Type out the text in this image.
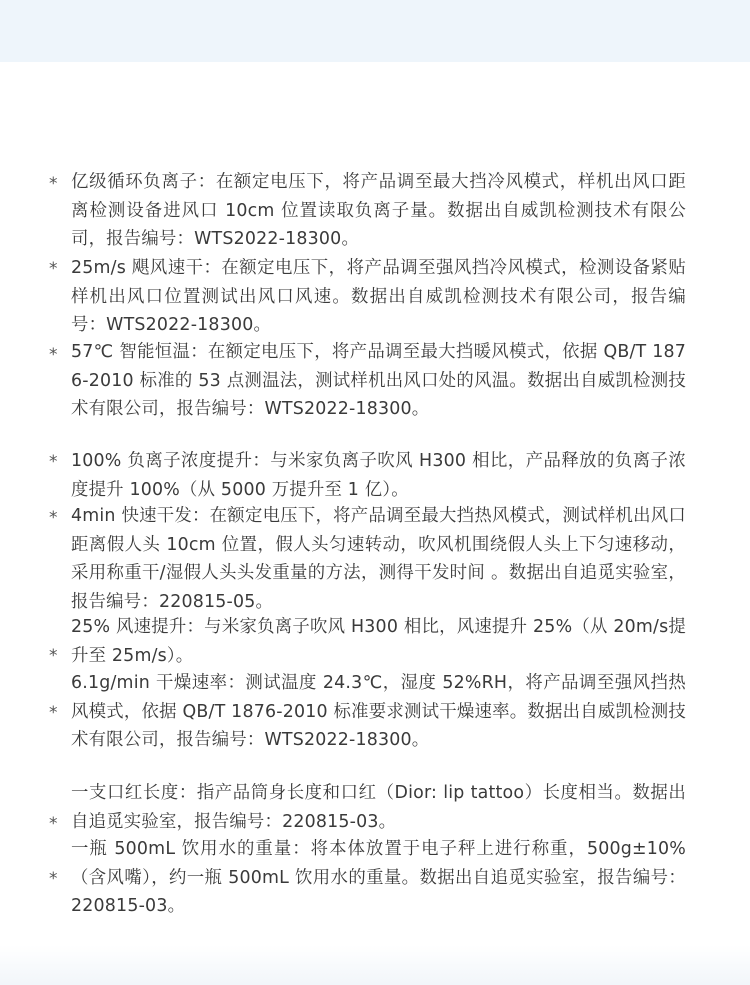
* 亿级循环负离子：在额定电压下，将产品调至最大挡冷风模式，样机出风口距离检测设备进风口 10cm 位置读取负离子量。数据出自威凯检测技术有限公司，报告编号：WTS2022-18300。
* 25m/s 飓风速干：在额定电压下，将产品调至强风挡冷风模式，检测设备紧贴样机出风口位置测试出风口风速。数据出自威凯检测技术有限公司，报告编号：WTS2022-18300。
* 57℃ 智能恒温：在额定电压下，将产品调至最大挡暖风模式，依据 QB/T 1876-2010 标准的 53 点测温法，测试样机出风口处的风温。数据出自威凯检测技术有限公司，报告编号：WTS2022-18300。
* 100% 负离子浓度提升：与米家负离子吹风 H300 相比，产品释放的负离子浓度提升 100%（从 5000 万提升至 1 亿）。
* 4min 快速干发：在额定电压下，将产品调至最大挡热风模式，测试样机出风口距离假人头 10cm 位置，假人头匀速转动，吹风机围绕假人头上下匀速移动，采用称重干/湿假人头头发重量的方法，测得干发时间 。数据出自追觅实验室，报告编号：220815-05。
*
25% 风速提升：与米家负离子吹风 H300 相比，风速提升 25%（从 20m/s提升至 25m/s）。
*
6.1g/min 干燥速率：测试温度 24.3℃，湿度 52%RH，将产品调至强风挡热风模式，依据 QB/T 1876-2010 标准要求测试干燥速率。数据出自威凯检测技术有限公司，报告编号：WTS2022-18300。
*
一支口红长度：指产品筒身长度和口红（Dior: lip tattoo）长度相当。数据出自追觅实验室，报告编号：220815-03。
*
一瓶 500mL 饮用水的重量：将本体放置于电子秤上进行称重，500g±10%（含风嘴），约一瓶 500mL 饮用水的重量。数据出自追觅实验室，报告编号：220815-03。
